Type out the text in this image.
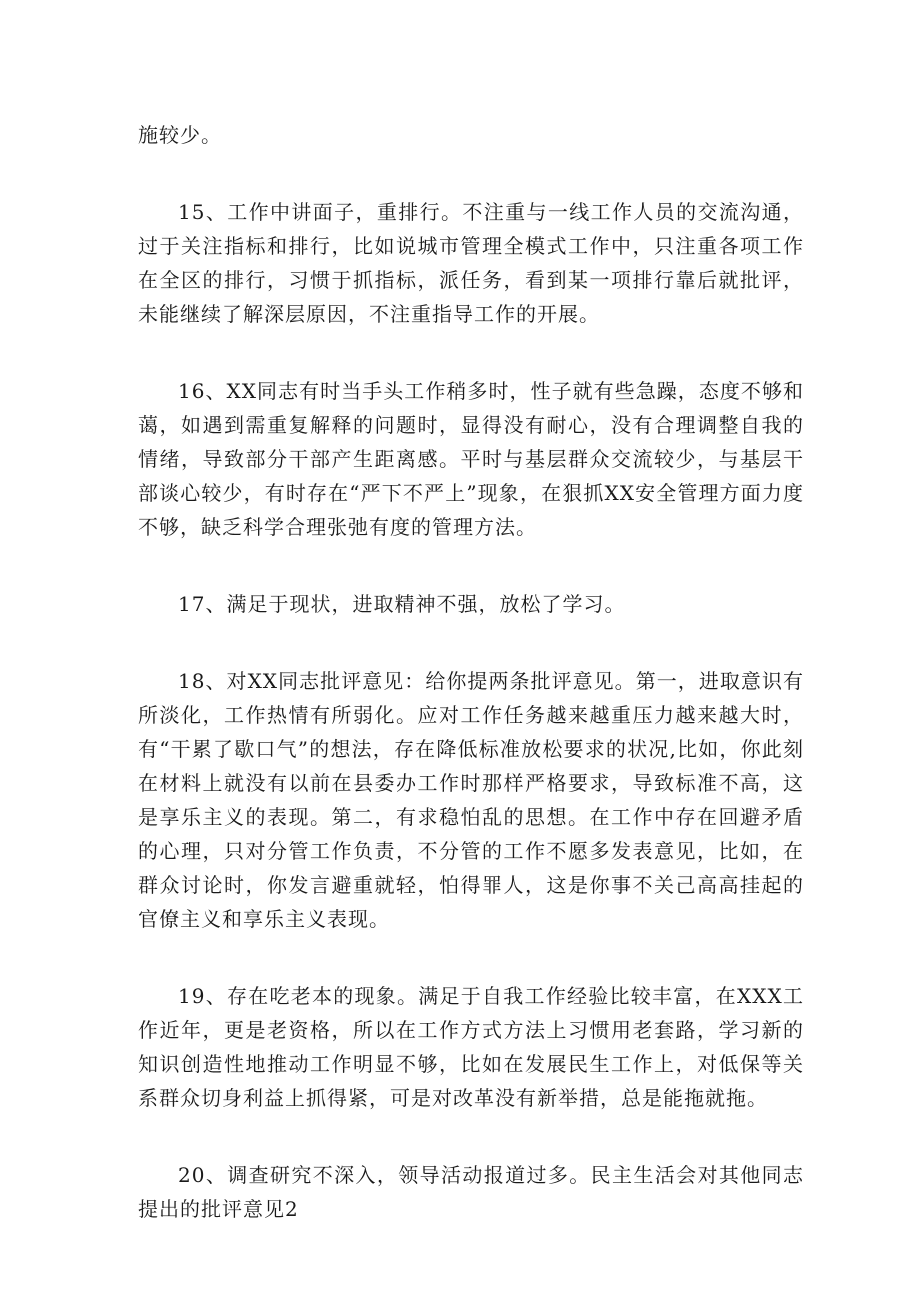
施较少。

15、工作中讲面子，重排行。不注重与一线工作人员的交流沟通，过于关注指标和排行，比如说城市管理全模式工作中，只注重各项工作在全区的排行，习惯于抓指标，派任务，看到某一项排行靠后就批评，未能继续了解深层原因，不注重指导工作的开展。

16、XX同志有时当手头工作稍多时，性子就有些急躁，态度不够和蔼，如遇到需重复解释的问题时，显得没有耐心，没有合理调整自我的情绪，导致部分干部产生距离感。平时与基层群众交流较少，与基层干部谈心较少，有时存在“严下不严上”现象，在狠抓XX安全管理方面力度不够，缺乏科学合理张弛有度的管理方法。

17、满足于现状，进取精神不强，放松了学习。

18、对XX同志批评意见：给你提两条批评意见。第一，进取意识有所淡化，工作热情有所弱化。应对工作任务越来越重压力越来越大时，有“干累了歇口气”的想法，存在降低标准放松要求的状况,比如，你此刻在材料上就没有以前在县委办工作时那样严格要求，导致标准不高，这是享乐主义的表现。第二，有求稳怕乱的思想。在工作中存在回避矛盾的心理，只对分管工作负责，不分管的工作不愿多发表意见，比如，在群众讨论时，你发言避重就轻，怕得罪人，这是你事不关己高高挂起的官僚主义和享乐主义表现。

19、存在吃老本的现象。满足于自我工作经验比较丰富，在XXX工作近年，更是老资格，所以在工作方式方法上习惯用老套路，学习新的知识创造性地推动工作明显不够，比如在发展民生工作上，对低保等关系群众切身利益上抓得紧，可是对改革没有新举措，总是能拖就拖。

20、调查研究不深入，领导活动报道过多。民主生活会对其他同志提出的批评意见2
